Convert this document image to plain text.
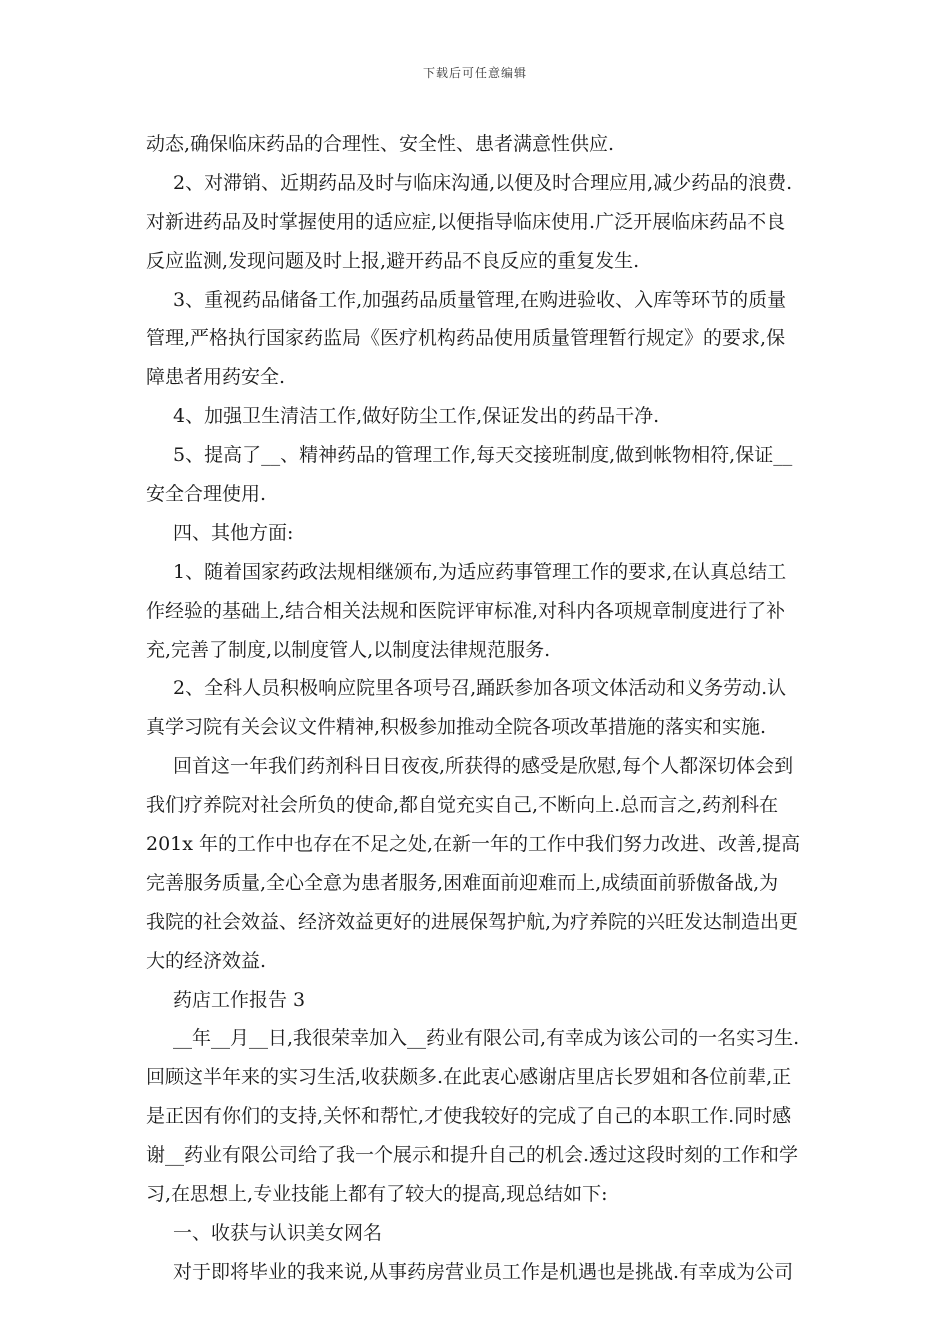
下载后可任意编辑
动态,确保临床药品的合理性、安全性、患者满意性供应.
2、对滞销、近期药品及时与临床沟通,以便及时合理应用,减少药品的浪费.
对新进药品及时掌握使用的适应症,以便指导临床使用.广泛开展临床药品不良
反应监测,发现问题及时上报,避开药品不良反应的重复发生.
3、重视药品储备工作,加强药品质量管理,在购进验收、入库等环节的质量
管理,严格执行国家药监局《医疗机构药品使用质量管理暂行规定》的要求,保
障患者用药安全.
4、加强卫生清洁工作,做好防尘工作,保证发出的药品干净.
5、提高了__、精神药品的管理工作,每天交接班制度,做到帐物相符,保证__
安全合理使用.
四、其他方面:
1、随着国家药政法规相继颁布,为适应药事管理工作的要求,在认真总结工
作经验的基础上,结合相关法规和医院评审标准,对科内各项规章制度进行了补
充,完善了制度,以制度管人,以制度法律规范服务.
2、全科人员积极响应院里各项号召,踊跃参加各项文体活动和义务劳动.认
真学习院有关会议文件精神,积极参加推动全院各项改革措施的落实和实施.
回首这一年我们药剂科日日夜夜,所获得的感受是欣慰,每个人都深切体会到
我们疗养院对社会所负的使命,都自觉充实自己,不断向上.总而言之,药剂科在
201x 年的工作中也存在不足之处,在新一年的工作中我们努力改进、改善,提高
完善服务质量,全心全意为患者服务,困难面前迎难而上,成绩面前骄傲备战,为
我院的社会效益、经济效益更好的进展保驾护航,为疗养院的兴旺发达制造出更
大的经济效益.
药店工作报告 3
__年__月__日,我很荣幸加入__药业有限公司,有幸成为该公司的一名实习生.
回顾这半年来的实习生活,收获颇多.在此衷心感谢店里店长罗姐和各位前辈,正
是正因有你们的支持,关怀和帮忙,才使我较好的完成了自己的本职工作.同时感
谢__药业有限公司给了我一个展示和提升自己的机会.透过这段时刻的工作和学
习,在思想上,专业技能上都有了较大的提高,现总结如下:
一、收获与认识美女网名
对于即将毕业的我来说,从事药房营业员工作是机遇也是挑战.有幸成为公司
